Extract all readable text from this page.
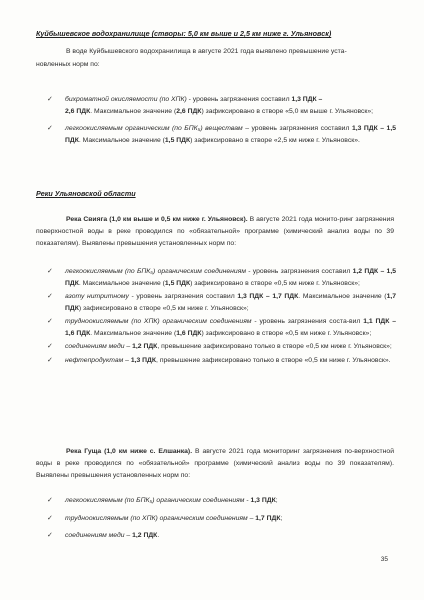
Куйбышевское водохранилище (створы: 5,0 км выше и 2,5 км ниже г. Ульяновск)

В воде Куйбышевского водохранилища в августе 2021 года выявлено превышение уста-

новленных норм по:

✓ бихроматной окисляемости (по ХПК) - уровень загрязнения составил 1,3 ПДК –
2,6 ПДК. Максимальное значение (2,6 ПДК) зафиксировано в створе «5,0 км выше г. Ульяновск»;
✓ легкоокисляемым органическим (по БПК₅) веществам – уровень загрязнения составил 1,3 ПДК – 1,5 ПДК. Максимальное значение (1,5 ПДК) зафиксировано в створе «2,5 км ниже г. Ульяновск».
Реки Ульяновской области

Река Свияга (1,0 км выше и 0,5 км ниже г. Ульяновск). В августе 2021 года монито-ринг загрязнения поверхностной воды в реке проводился по «обязательной» программе (химический анализ воды по 39 показателям). Выявлены превышения установленных норм по:

✓ легкоокисляемым (по БПК₅) органическим соединениям - уровень загрязнения составил 1,2 ПДК – 1,5 ПДК. Максимальное значение (1,5 ПДК) зафиксировано в створе «0,5 км ниже г. Ульяновск»;
✓ азоту нитритному - уровень загрязнения составил 1,3 ПДК – 1,7 ПДК. Максимальное значение (1,7 ПДК) зафиксировано в створе «0,5 км ниже г. Ульяновск»;
✓ трудноокисляемым (по ХПК) органическим соединениям - уровень загрязнения соста-вил 1,1 ПДК – 1,6 ПДК. Максимальное значение (1,6 ПДК) зафиксировано в створе «0,5 км ниже г. Ульяновск»;
✓ соединениям меди – 1,2 ПДК, превышение зафиксировано только в створе «0,5 км ниже г. Ульяновск»;
✓ нефтепродуктам – 1,3 ПДК, превышение зафиксировано только в створе «0,5 км ниже г. Ульяновск».

Река Гуща (1,0 км ниже с. Елшанка). В августе 2021 года мониторинг загрязнения по-верхностной воды в реке проводился по «обязательной» программе (химический анализ воды по 39 показателям). Выявлены превышения установленных норм по:

✓ легкоокисляемым (по БПК₅) органическим соединениям - 1,3 ПДК;
✓ трудноокисляемым (по ХПК) органическим соединениям – 1,7 ПДК;
✓ соединениям меди – 1,2 ПДК.
35
